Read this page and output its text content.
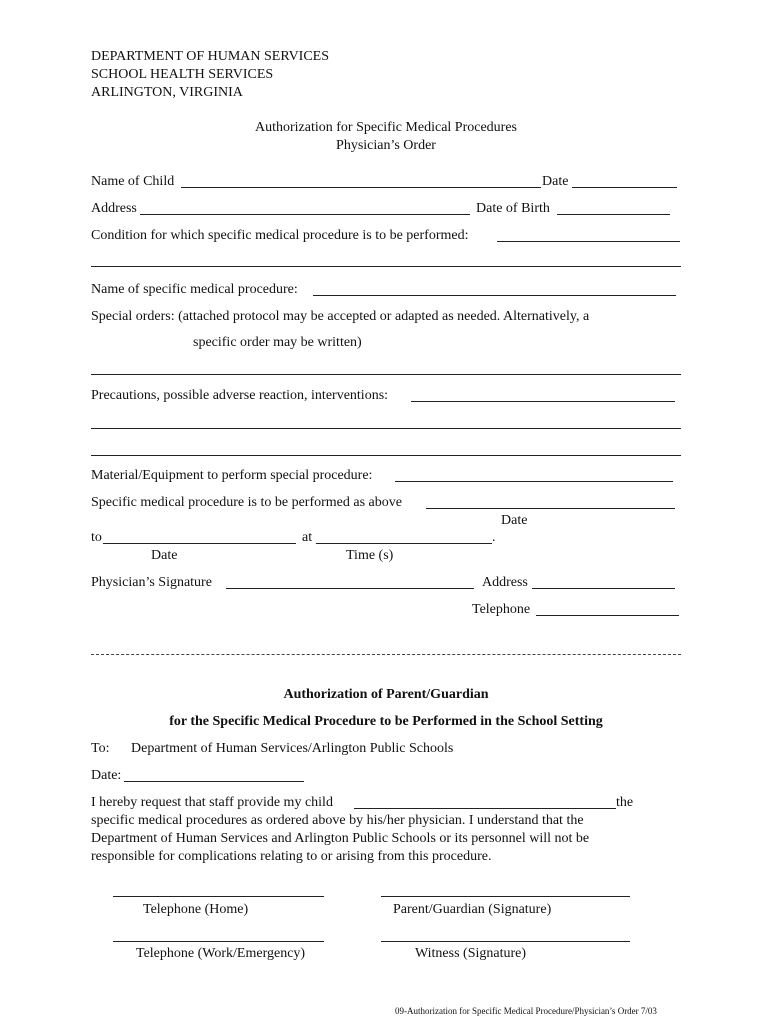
DEPARTMENT OF HUMAN SERVICES
SCHOOL HEALTH SERVICES
ARLINGTON, VIRGINIA
Authorization for Specific Medical Procedures
Physician’s Order
Name of Child	Date
Address	Date of Birth
Condition for which specific medical procedure is to be performed:
Name of specific medical procedure:
Special orders: (attached protocol may be accepted or adapted as needed. Alternatively, a
specific order may be written)
Precautions, possible adverse reaction, interventions:
Material/Equipment to perform special procedure:
Specific medical procedure is to be performed as above
Date
to	at	.
Date	Time (s)
Physician’s Signature	Address
Telephone
Authorization of Parent/Guardian
for the Specific Medical Procedure to be Performed in the School Setting
To: Department of Human Services/Arlington Public Schools
Date:
I hereby request that staff provide my child	the
specific medical procedures as ordered above by his/her physician. I understand that the
Department of Human Services and Arlington Public Schools or its personnel will not be
responsible for complications relating to or arising from this procedure.
Telephone (Home)	Parent/Guardian (Signature)
Telephone (Work/Emergency)	Witness (Signature)
09-Authorization for Specific Medical Procedure/Physician’s Order 7/03
